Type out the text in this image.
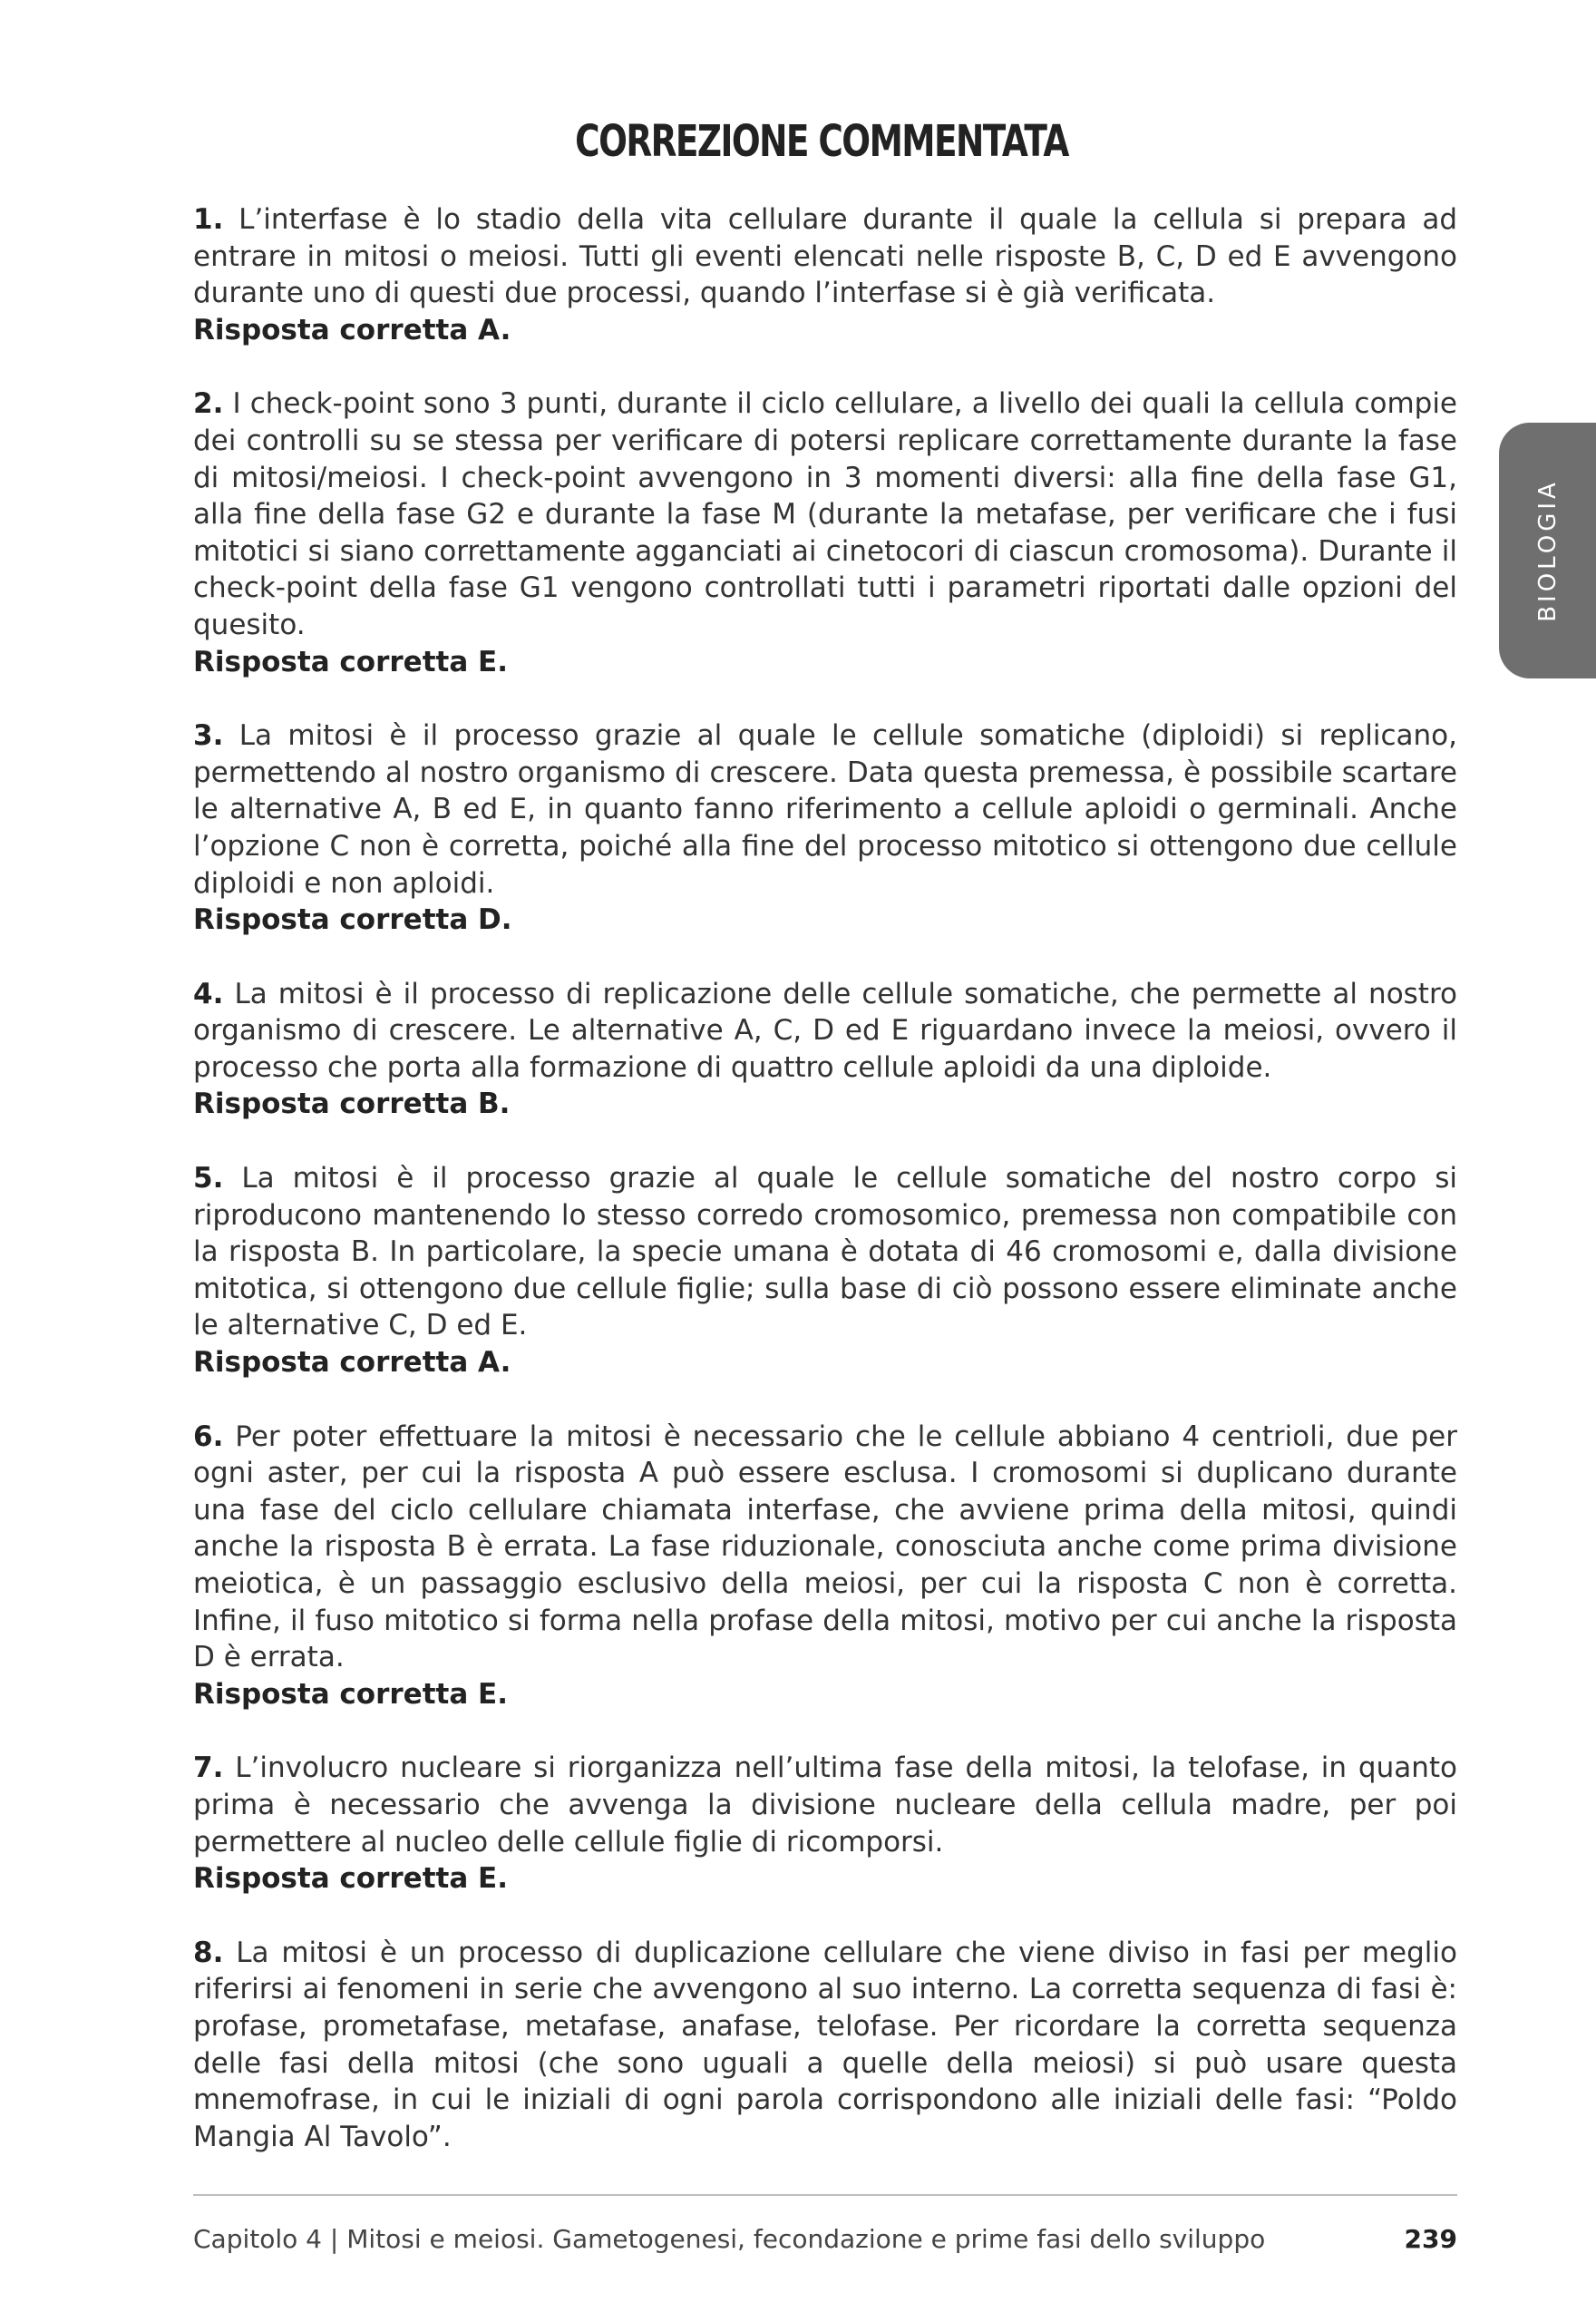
CORREZIONE COMMENTATA
BIOLOGIA

1. L’interfase è lo stadio della vita cellulare durante il quale la cellula si prepara ad entrare in mitosi o meiosi. Tutti gli eventi elencati nelle risposte B, C, D ed E avvengono durante uno di questi due processi, quando l’interfase si è già verificata.

Risposta corretta A.

2. I check-point sono 3 punti, durante il ciclo cellulare, a livello dei quali la cellula compie dei controlli su se stessa per verificare di potersi replicare correttamente durante la fase di mitosi/meiosi. I check-point avvengono in 3 momenti diversi: alla fine della fase G1, alla fine della fase G2 e durante la fase M (durante la metafase, per verificare che i fusi mitotici si siano correttamente agganciati ai cinetocori di ciascun cromosoma). Durante il check-point della fase G1 vengono controllati tutti i parametri riportati dalle opzioni del quesito.

Risposta corretta E.

3. La mitosi è il processo grazie al quale le cellule somatiche (diploidi) si replicano, permettendo al nostro organismo di crescere. Data questa premessa, è possibile scartare le alternative A, B ed E, in quanto fanno riferimento a cellule aploidi o germinali. Anche l’opzione C non è corretta, poiché alla fine del processo mitotico si ottengono due cellule diploidi e non aploidi.

Risposta corretta D.

4. La mitosi è il processo di replicazione delle cellule somatiche, che permette al nostro organismo di crescere. Le alternative A, C, D ed E riguardano invece la meiosi, ovvero il processo che porta alla formazione di quattro cellule aploidi da una diploide.

Risposta corretta B.

5. La mitosi è il processo grazie al quale le cellule somatiche del nostro corpo si riproducono mantenendo lo stesso corredo cromosomico, premessa non compatibile con la risposta B. In particolare, la specie umana è dotata di 46 cromosomi e, dalla divisione mitotica, si ottengono due cellule figlie; sulla base di ciò possono essere eliminate anche le alternative C, D ed E.

Risposta corretta A.

6. Per poter effettuare la mitosi è necessario che le cellule abbiano 4 centrioli, due per ogni aster, per cui la risposta A può essere esclusa. I cromosomi si duplicano durante una fase del ciclo cellulare chiamata interfase, che avviene prima della mitosi, quindi anche la risposta B è errata. La fase riduzionale, conosciuta anche come prima divisione meiotica, è un passaggio esclusivo della meiosi, per cui la risposta C non è corretta. Infine, il fuso mitotico si forma nella profase della mitosi, motivo per cui anche la risposta D è errata.

Risposta corretta E.

7. L’involucro nucleare si riorganizza nell’ultima fase della mitosi, la telofase, in quanto prima è necessario che avvenga la divisione nucleare della cellula madre, per poi permettere al nucleo delle cellule figlie di ricomporsi.

Risposta corretta E.

8. La mitosi è un processo di duplicazione cellulare che viene diviso in fasi per meglio riferirsi ai fenomeni in serie che avvengono al suo interno. La corretta sequenza di fasi è: profase, prometafase, metafase, anafase, telofase. Per ricordare la corretta sequenza delle fasi della mitosi (che sono uguali a quelle della meiosi) si può usare questa mnemofrase, in cui le iniziali di ogni parola corrispondono alle iniziali delle fasi: “Poldo Mangia Al Tavolo”.

Capitolo 4 | Mitosi e meiosi. Gametogenesi, fecondazione e prime fasi dello sviluppo	239
